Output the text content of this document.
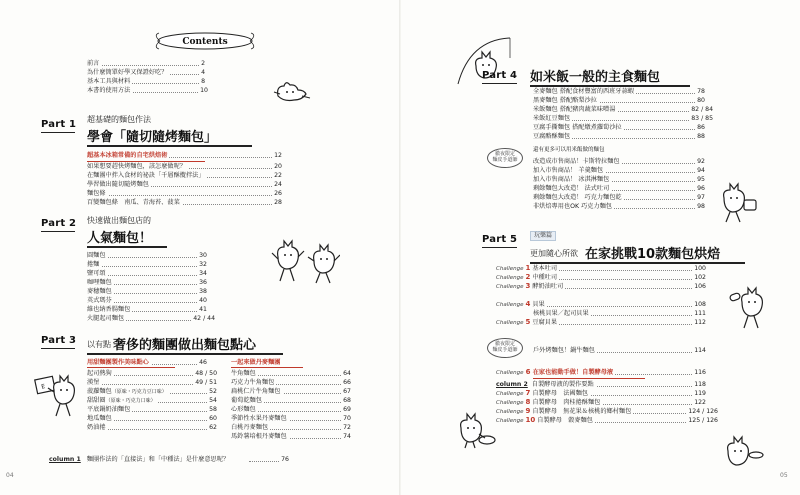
Contents
前言	2
為什麼簡單好學又保證好吃？	4
基本工具與材料	8
本書的使用方法	10
Part 1 超基礎的麵包作法
學會「隨切隨烤麵包」
超基本冰箱常備的自宅烘焙術	12
如果想要趕快烤麵包，該怎麼做呢？	20
在麵團中拌入食材的祕訣「千層酥攪拌法」	22
學習做出隨切隨烤麵包	24
麵包條	26
百變麵包條　南瓜、青海苔、菠菜	28
Part 2 快速做出麵包店的
人氣麵包！
圓麵包	30
捲麵	32
鹽可頌	34
咖哩麵包	36
麥穗麵包	38
英式瑪芬	40
維也納香腸麵包	41
火腿起司麵包	42 / 44
Part 3 以有點 奢侈的麵團做出麵包點心
用甜麵團製作美味點心	46
起司熱狗	48 / 50
漢堡	49 / 51
菠蘿麵包（原味・巧克力豆口味）	52
甜甜圈（原味・巧克力口味）	54
平底鍋奶油麵包	58
地瓜麵包	60
奶油捲	62
一起來做丹麥麵團
牛角麵包	64
巧克力牛角麵包	66
扁桃仁片牛角麵包	67
葡萄乾麵包	68
心形麵包	69
季節性水果丹麥麵包	70
白桃丹麥麵包	72
馬鈴薯培根丹麥麵包	74
E
column 1 麵團作法的「直接法」和「中種法」是什麼意思呢？	76
04
Part 4 如米飯一般的主食麵包
全麥麵包 搭配食材豐富的西班牙蒜蝦	78
黑麥麵包 搭配酪梨沙拉	80
米飯麵包 搭配豬肉蔬菜味噌湯	82 / 84
米飯紅豆麵包	83 / 85
豆腐手撕麵包 搭配燉煮蘿蔔沙拉	86
豆腐酪酥麵包	88
徹夜限定
麵皮手道師
還有更多可以用米飯做的麵包
改造成市售商品！卡斯特拉麵包	92
加入市售商品！ 羊羹麵包	94
加入市售商品！ 冰淇淋麵包	95
剩餘麵包大改造！ 法式吐司	96
剩餘麵包大改造！ 巧克力麵包乾	97
非烘焙專用也OK 巧克力麵包	98
Part 5	玩樂篇
更加隨心所欲 在家挑戰10款麵包烘焙
Challenge 1 基本吐司	100
Challenge 2 中種吐司	102
Challenge 3 酵奶油吐司	106
Challenge 4 貝果	108
核桃貝果／起司貝果	111
Challenge 5 豆腐貝果	112
徹夜限定
麵皮手道師	戶外烤麵包！鍋牛麵包	114
Challenge 6 在家也能動手做！自製酵母液	116
column 2 自製酵母液的製作要點	118
Challenge 7 自製酵母　法國麵包	119
Challenge 8 自製酵母　肉桂捲酥麵包	122
Challenge 9 自製酵母　無花果＆核桃的鄉村麵包	124 / 126
Challenge 10 自製酵母　穀麥麵包	125 / 126
05
